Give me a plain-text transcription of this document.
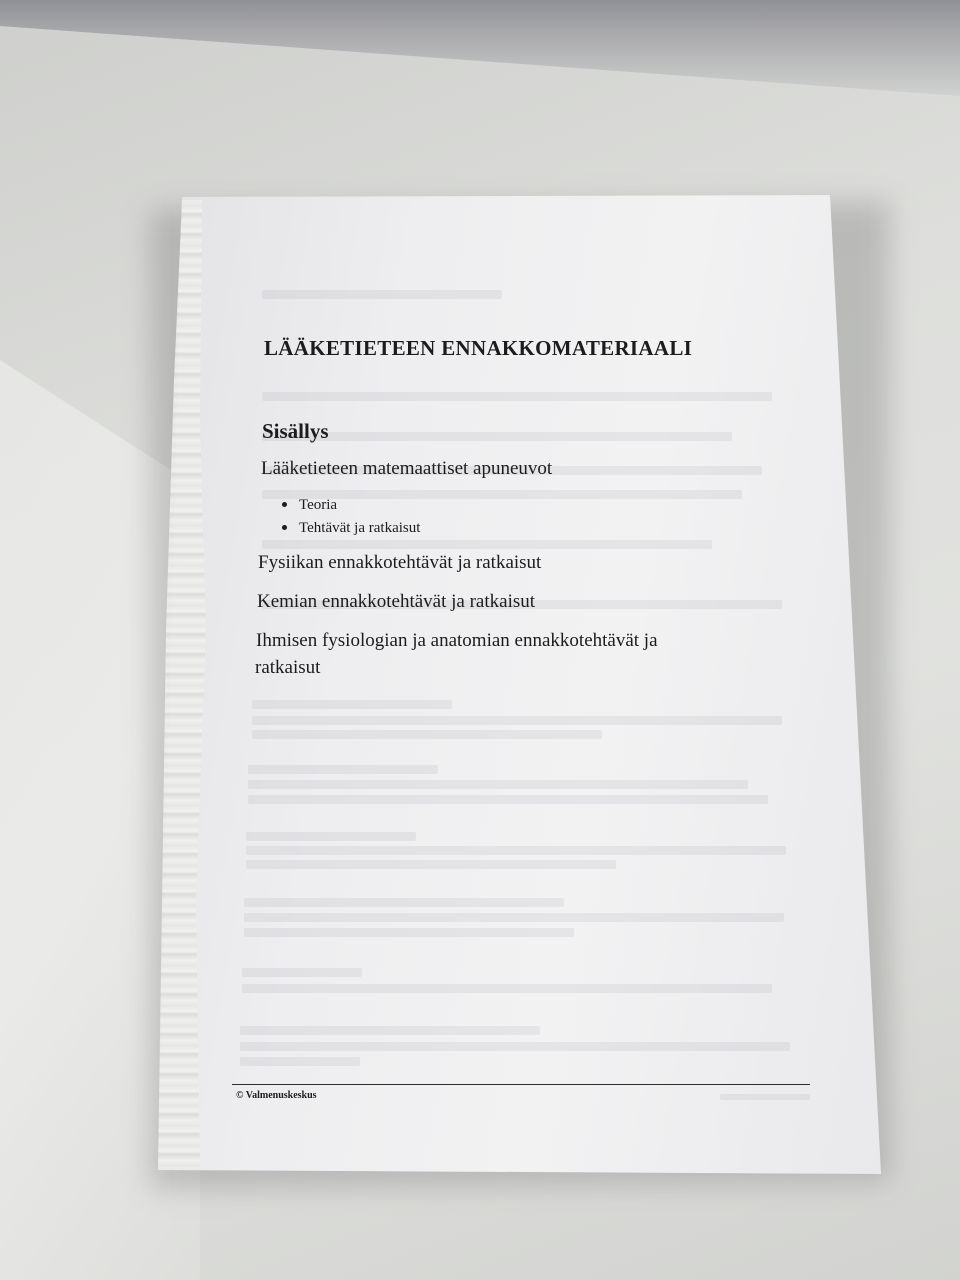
LÄÄKETIETEEN ENNAKKOMATERIAALI
Sisällys
Lääketieteen matemaattiset apuneuvot
Teoria
Tehtävät ja ratkaisut
Fysiikan ennakkotehtävät ja ratkaisut
Kemian ennakkotehtävät ja ratkaisut
Ihmisen fysiologian ja anatomian ennakkotehtävät ja
ratkaisut
© Valmenuskeskus
